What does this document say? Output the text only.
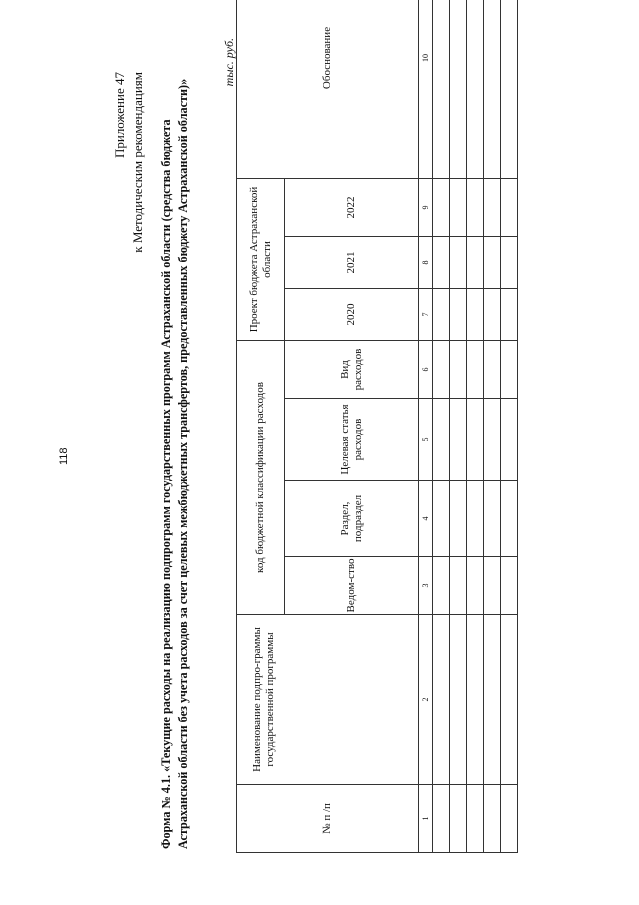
118
Приложение 47 к Методическим рекомендациям Форма № 4.1. «Текущие расходы на реализацию подпрограмм государственных программ Астраханской области (средства бюджета Астраханской области без учета расходов за счет целевых межбюджетных трансфертов, предоставленных бюджету Астраханской области)»
тыс. руб.
№ п /п	Наименование подпро-граммы государственной программы	код бюджетной классификации расходов				Проект бюджета Астраханской области			Обоснование
		Ведом-ство	Раздел, подраздел	Целевая статья расходов	Вид расходов	2020	2021	2022	
1	2	3	4	5	6	7	8	9	10
